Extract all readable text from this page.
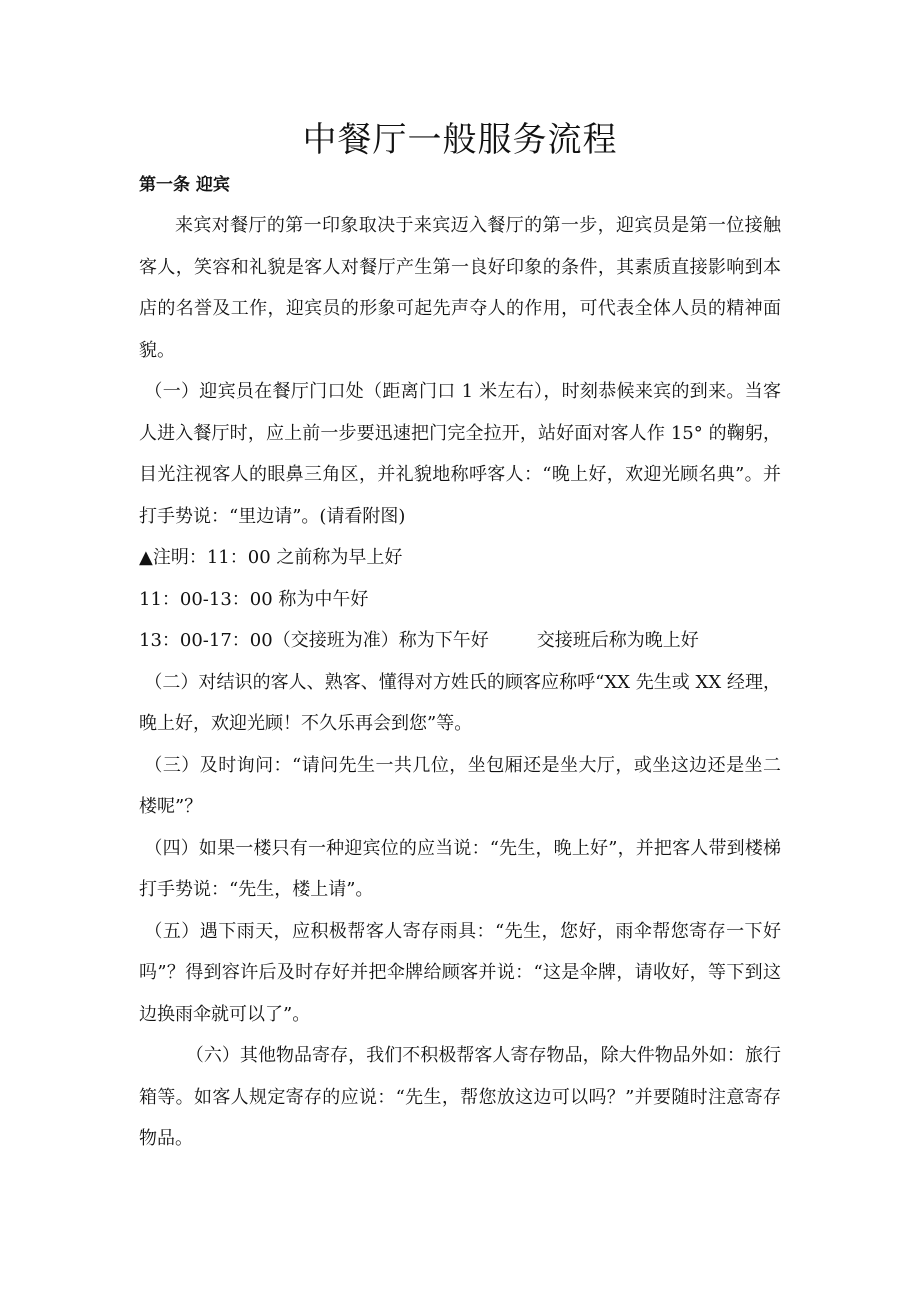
中餐厅一般服务流程
第一条 迎宾

来宾对餐厅的第一印象取决于来宾迈入餐厅的第一步，迎宾员是第一位接触客人，笑容和礼貌是客人对餐厅产生第一良好印象的条件，其素质直接影响到本店的名誉及工作，迎宾员的形象可起先声夺人的作用，可代表全体人员的精神面貌。

（一）迎宾员在餐厅门口处（距离门口 1 米左右），时刻恭候来宾的到来。当客人进入餐厅时，应上前一步要迅速把门完全拉开，站好面对客人作 15° 的鞠躬，目光注视客人的眼鼻三角区，并礼貌地称呼客人：“晚上好，欢迎光顾名典”。并打手势说：“里边请”。(请看附图)

▲注明：11：00 之前称为早上好

11：00-13：00 称为中午好

13：00-17：00（交接班为准）称为下午好	交接班后称为晚上好

（二）对结识的客人、熟客、懂得对方姓氏的顾客应称呼“XX 先生或 XX 经理，晚上好，欢迎光顾！不久乐再会到您”等。

（三）及时询问：“请问先生一共几位，坐包厢还是坐大厅，或坐这边还是坐二楼呢”？

（四）如果一楼只有一种迎宾位的应当说：“先生，晚上好”，并把客人带到楼梯打手势说：“先生，楼上请”。

（五）遇下雨天，应积极帮客人寄存雨具：“先生，您好，雨伞帮您寄存一下好吗”？得到容许后及时存好并把伞牌给顾客并说：“这是伞牌，请收好，等下到这边换雨伞就可以了”。

（六）其他物品寄存，我们不积极帮客人寄存物品，除大件物品外如：旅行箱等。如客人规定寄存的应说：“先生，帮您放这边可以吗？”并要随时注意寄存物品。
